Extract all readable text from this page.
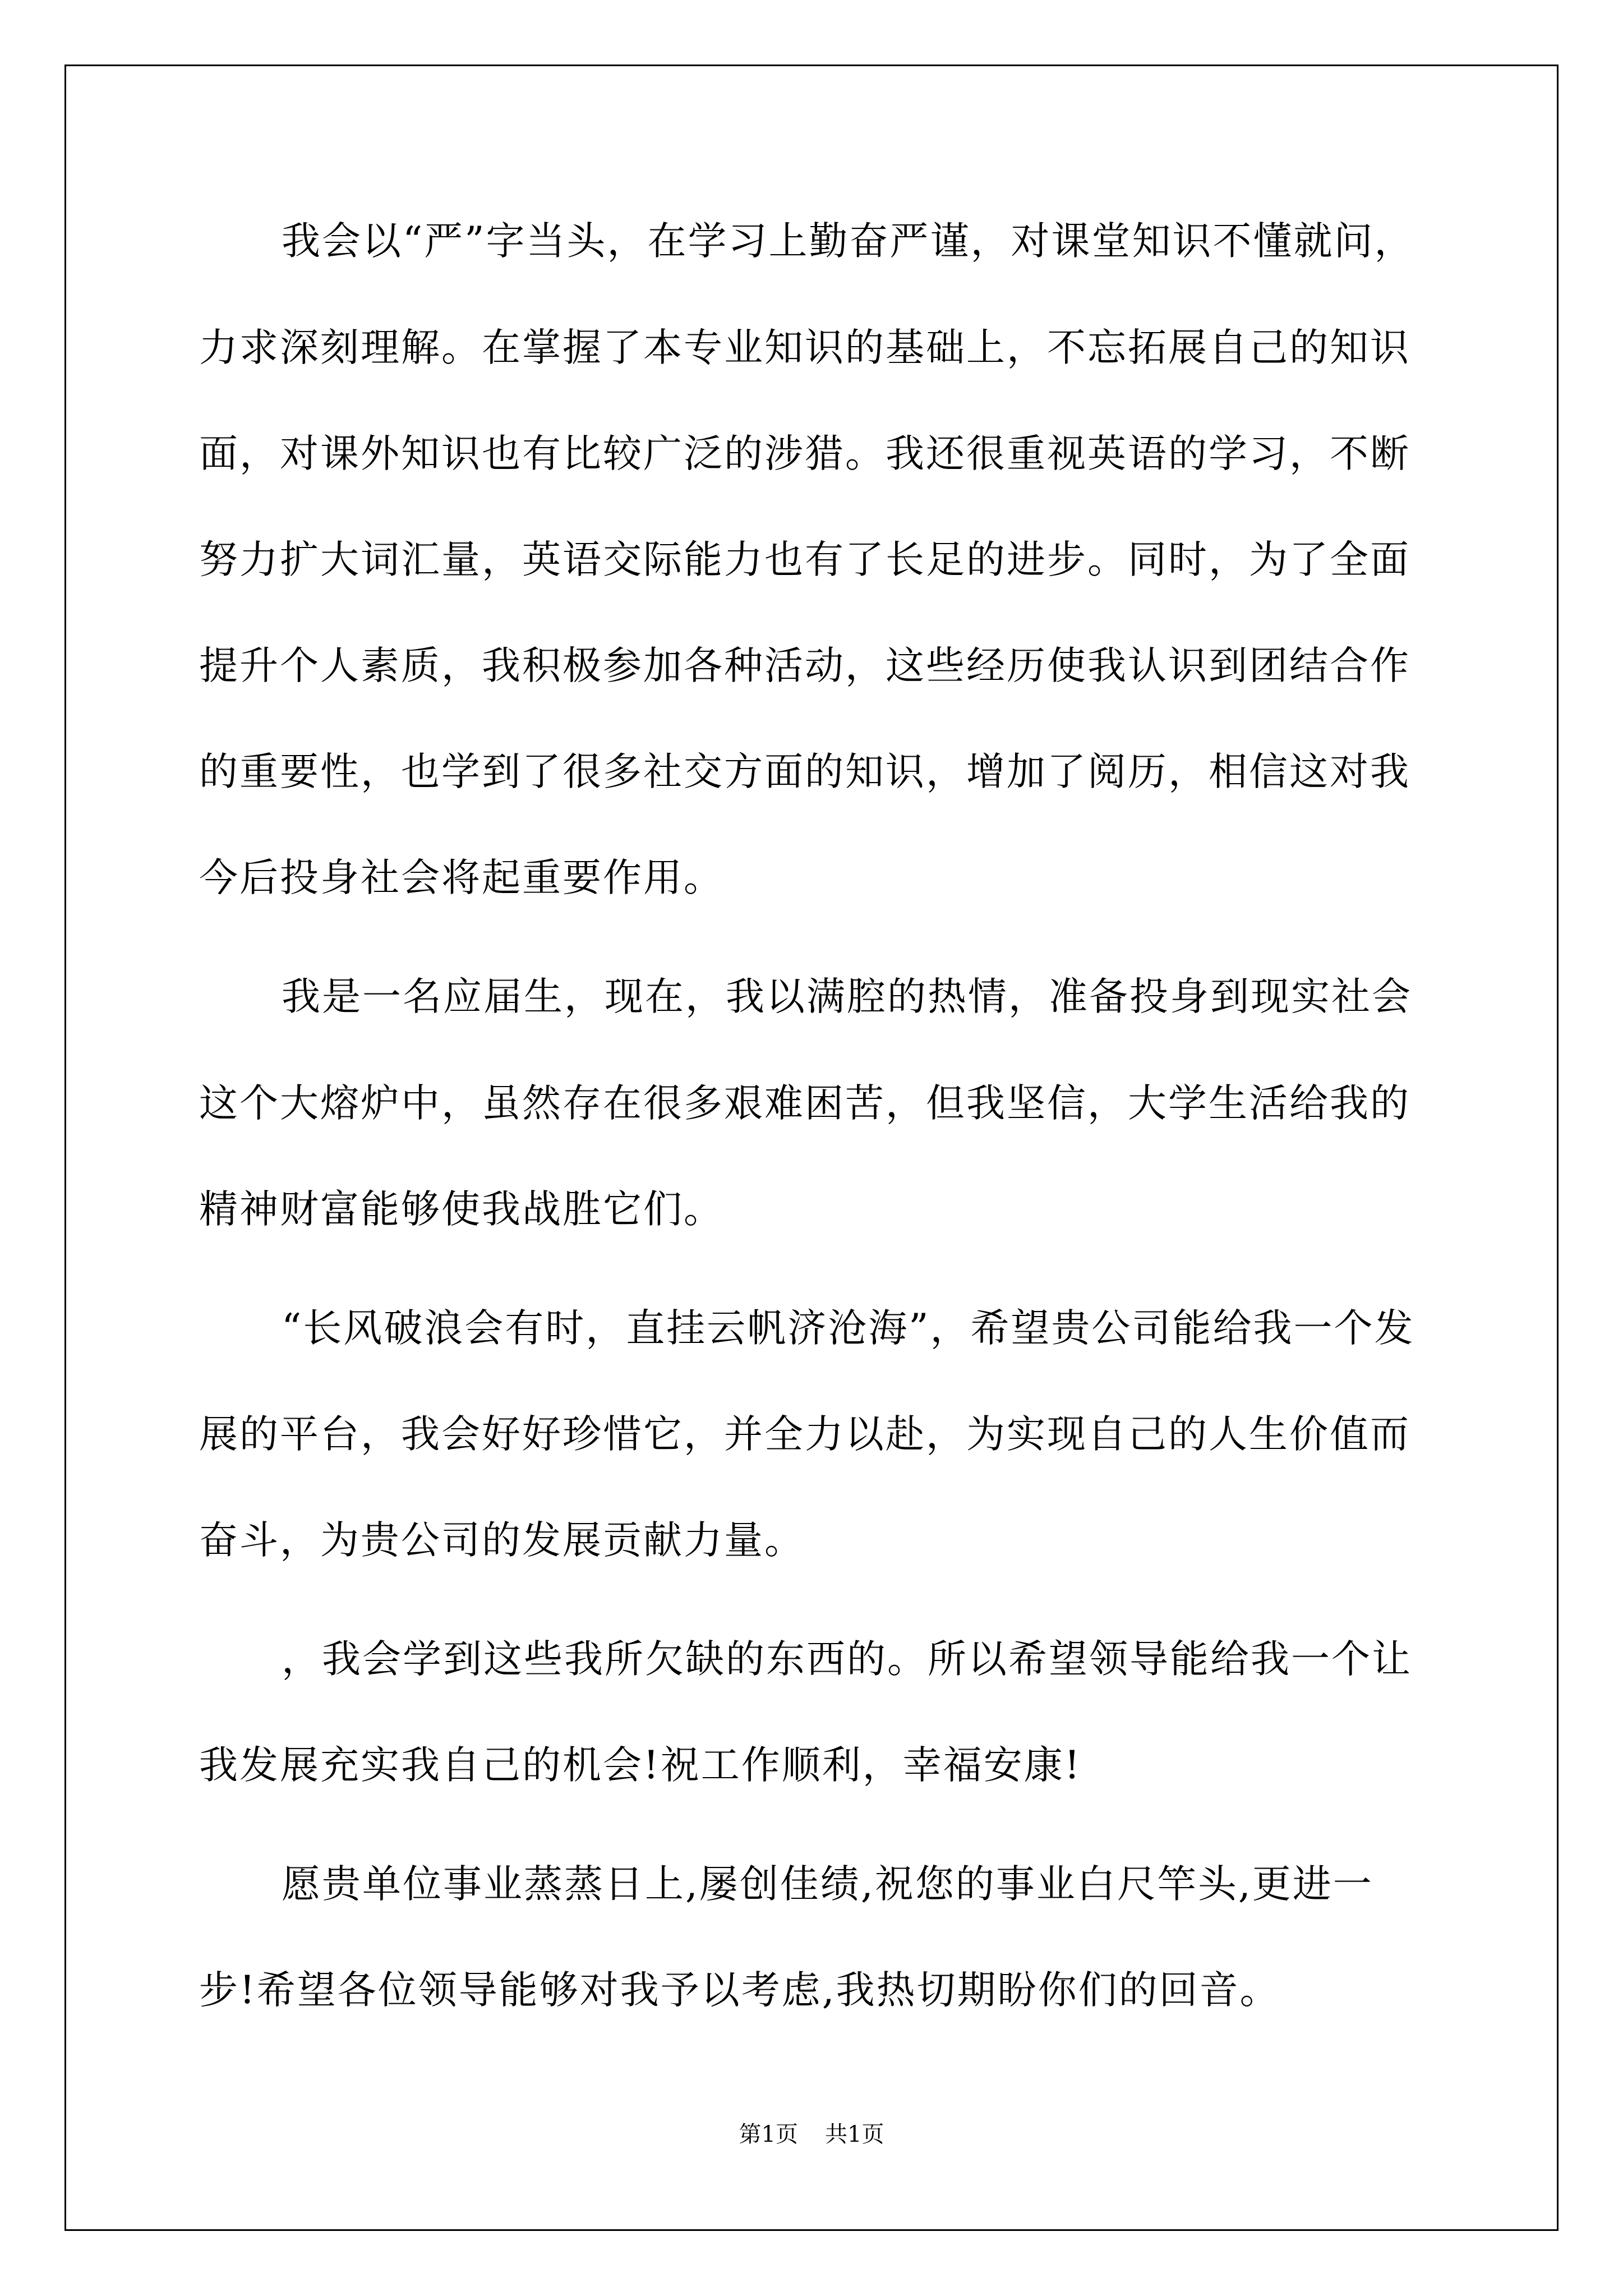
我会以“严”字当头，在学习上勤奋严谨，对课堂知识不懂就问，
力求深刻理解。在掌握了本专业知识的基础上，不忘拓展自己的知识
面，对课外知识也有比较广泛的涉猎。我还很重视英语的学习，不断
努力扩大词汇量，英语交际能力也有了长足的进步。同时，为了全面
提升个人素质，我积极参加各种活动，这些经历使我认识到团结合作
的重要性，也学到了很多社交方面的知识，增加了阅历，相信这对我
今后投身社会将起重要作用。
我是一名应届生，现在，我以满腔的热情，准备投身到现实社会
这个大熔炉中，虽然存在很多艰难困苦，但我坚信，大学生活给我的
精神财富能够使我战胜它们。
“长风破浪会有时，直挂云帆济沧海”，希望贵公司能给我一个发
展的平台，我会好好珍惜它，并全力以赴，为实现自己的人生价值而
奋斗，为贵公司的发展贡献力量。
，我会学到这些我所欠缺的东西的。所以希望领导能给我一个让
我发展充实我自己的机会!祝工作顺利，幸福安康!
愿贵单位事业蒸蒸日上,屡创佳绩,祝您的事业白尺竿头,更进一
步!希望各位领导能够对我予以考虑,我热切期盼你们的回音。
第1页 共1页
